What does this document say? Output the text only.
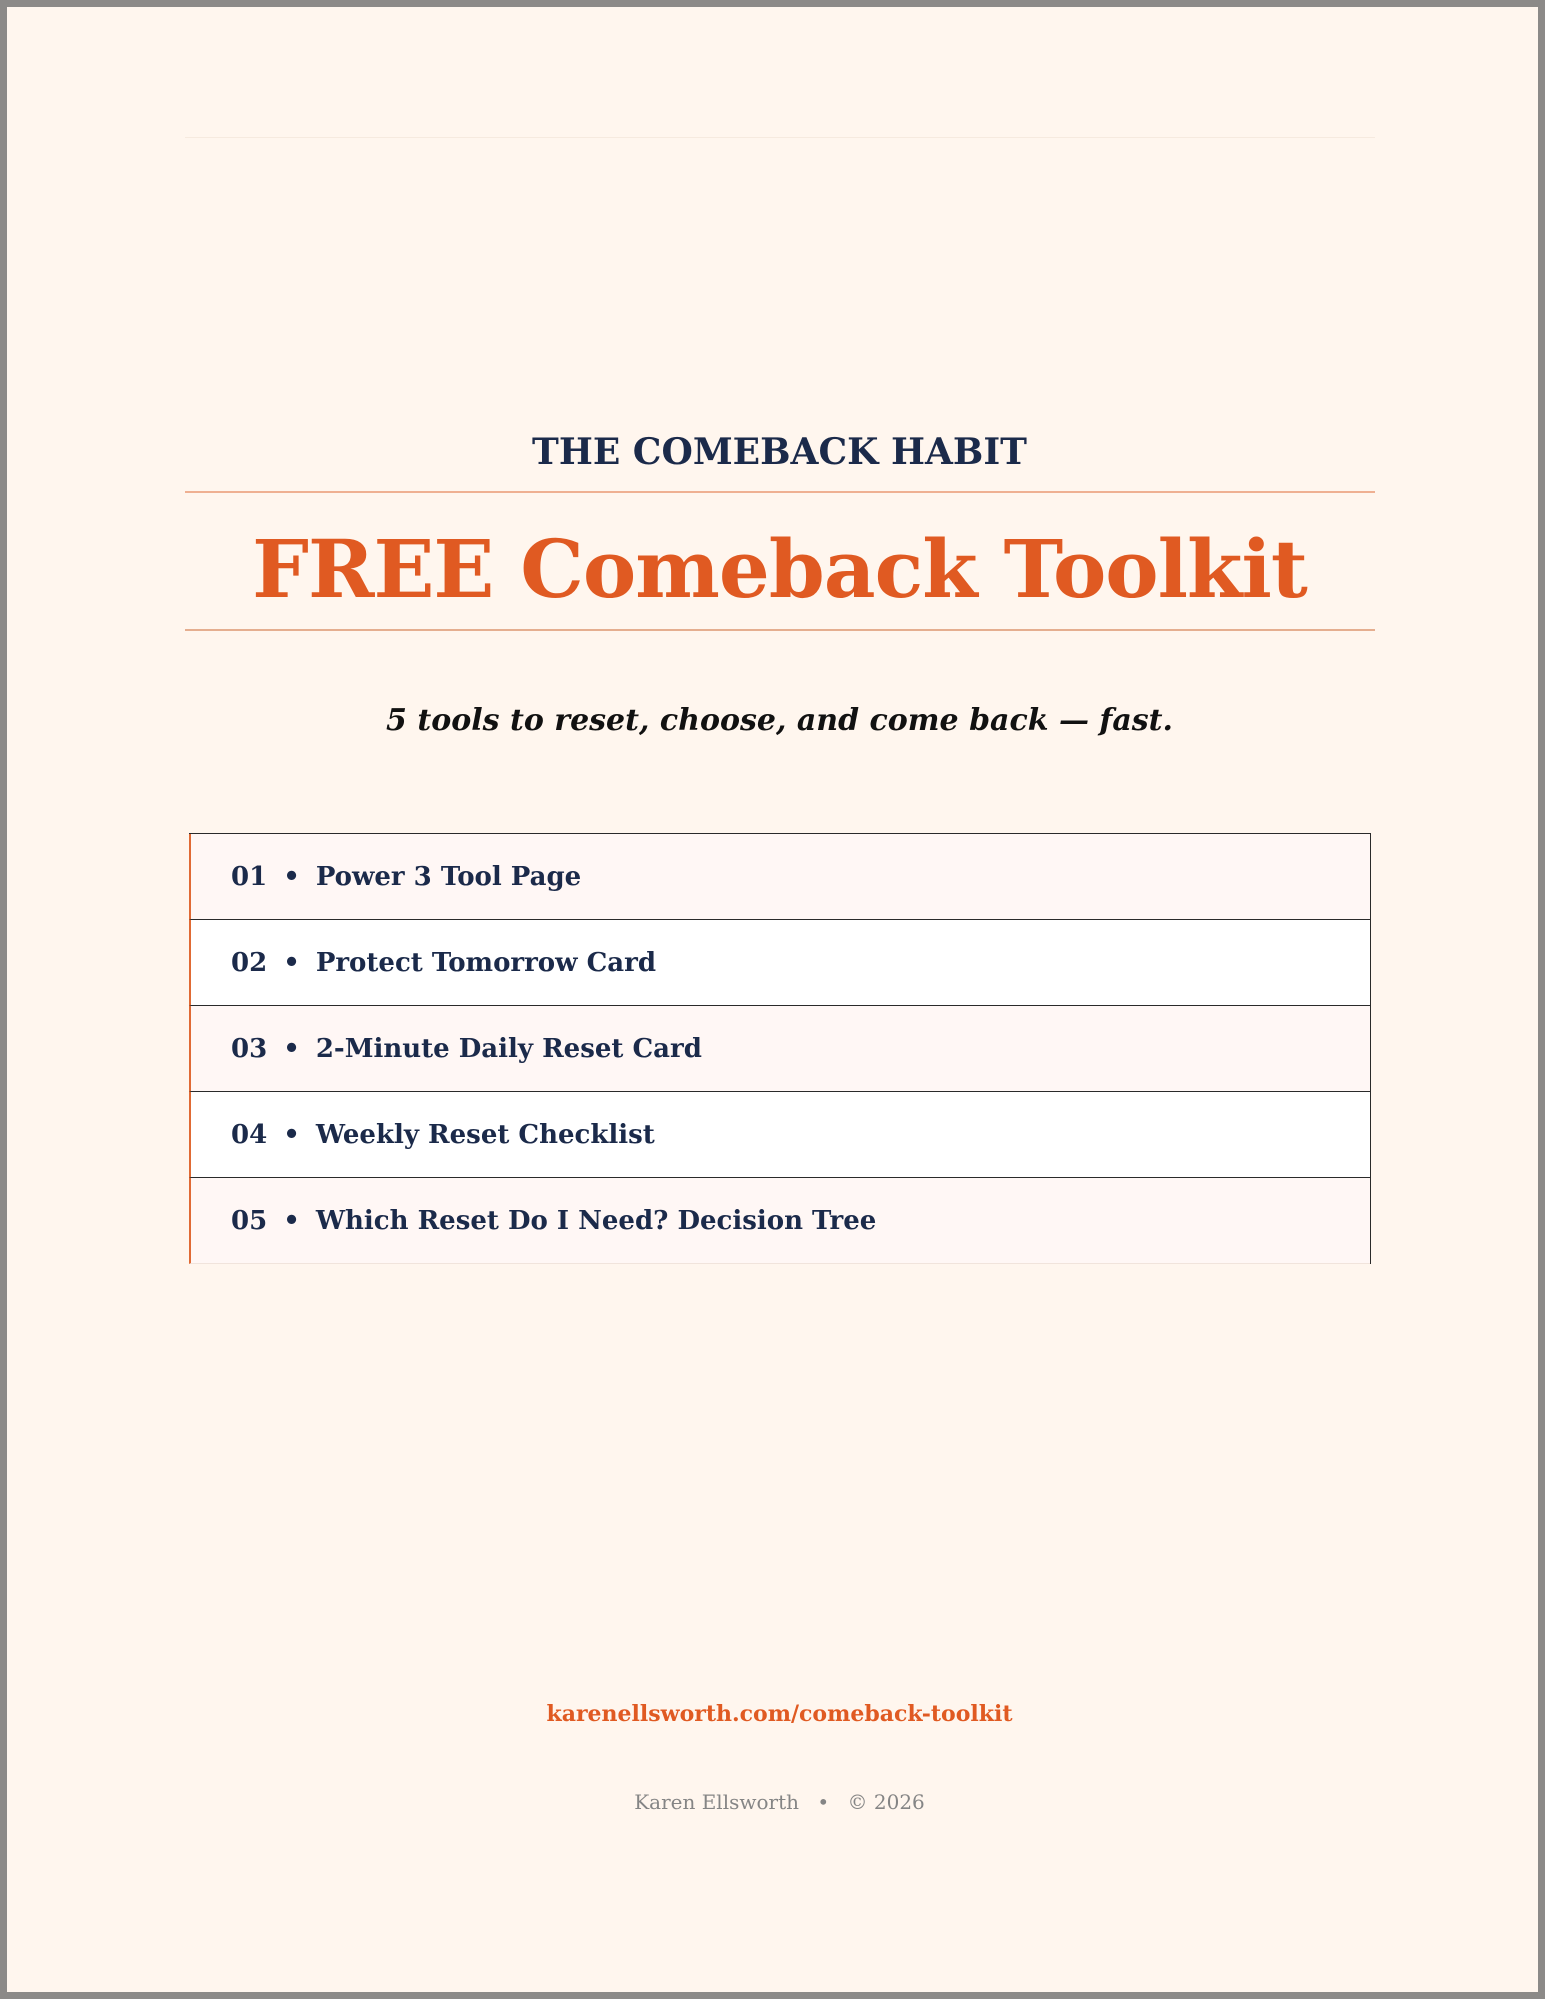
THE COMEBACK HABIT
FREE Comeback Toolkit
5 tools to reset, choose, and come back — fast.
01 • Power 3 Tool Page
02 • Protect Tomorrow Card
03 • 2-Minute Daily Reset Card
04 • Weekly Reset Checklist
05 • Which Reset Do I Need? Decision Tree
karenellsworth.com/comeback-toolkit
Karen Ellsworth • © 2026
